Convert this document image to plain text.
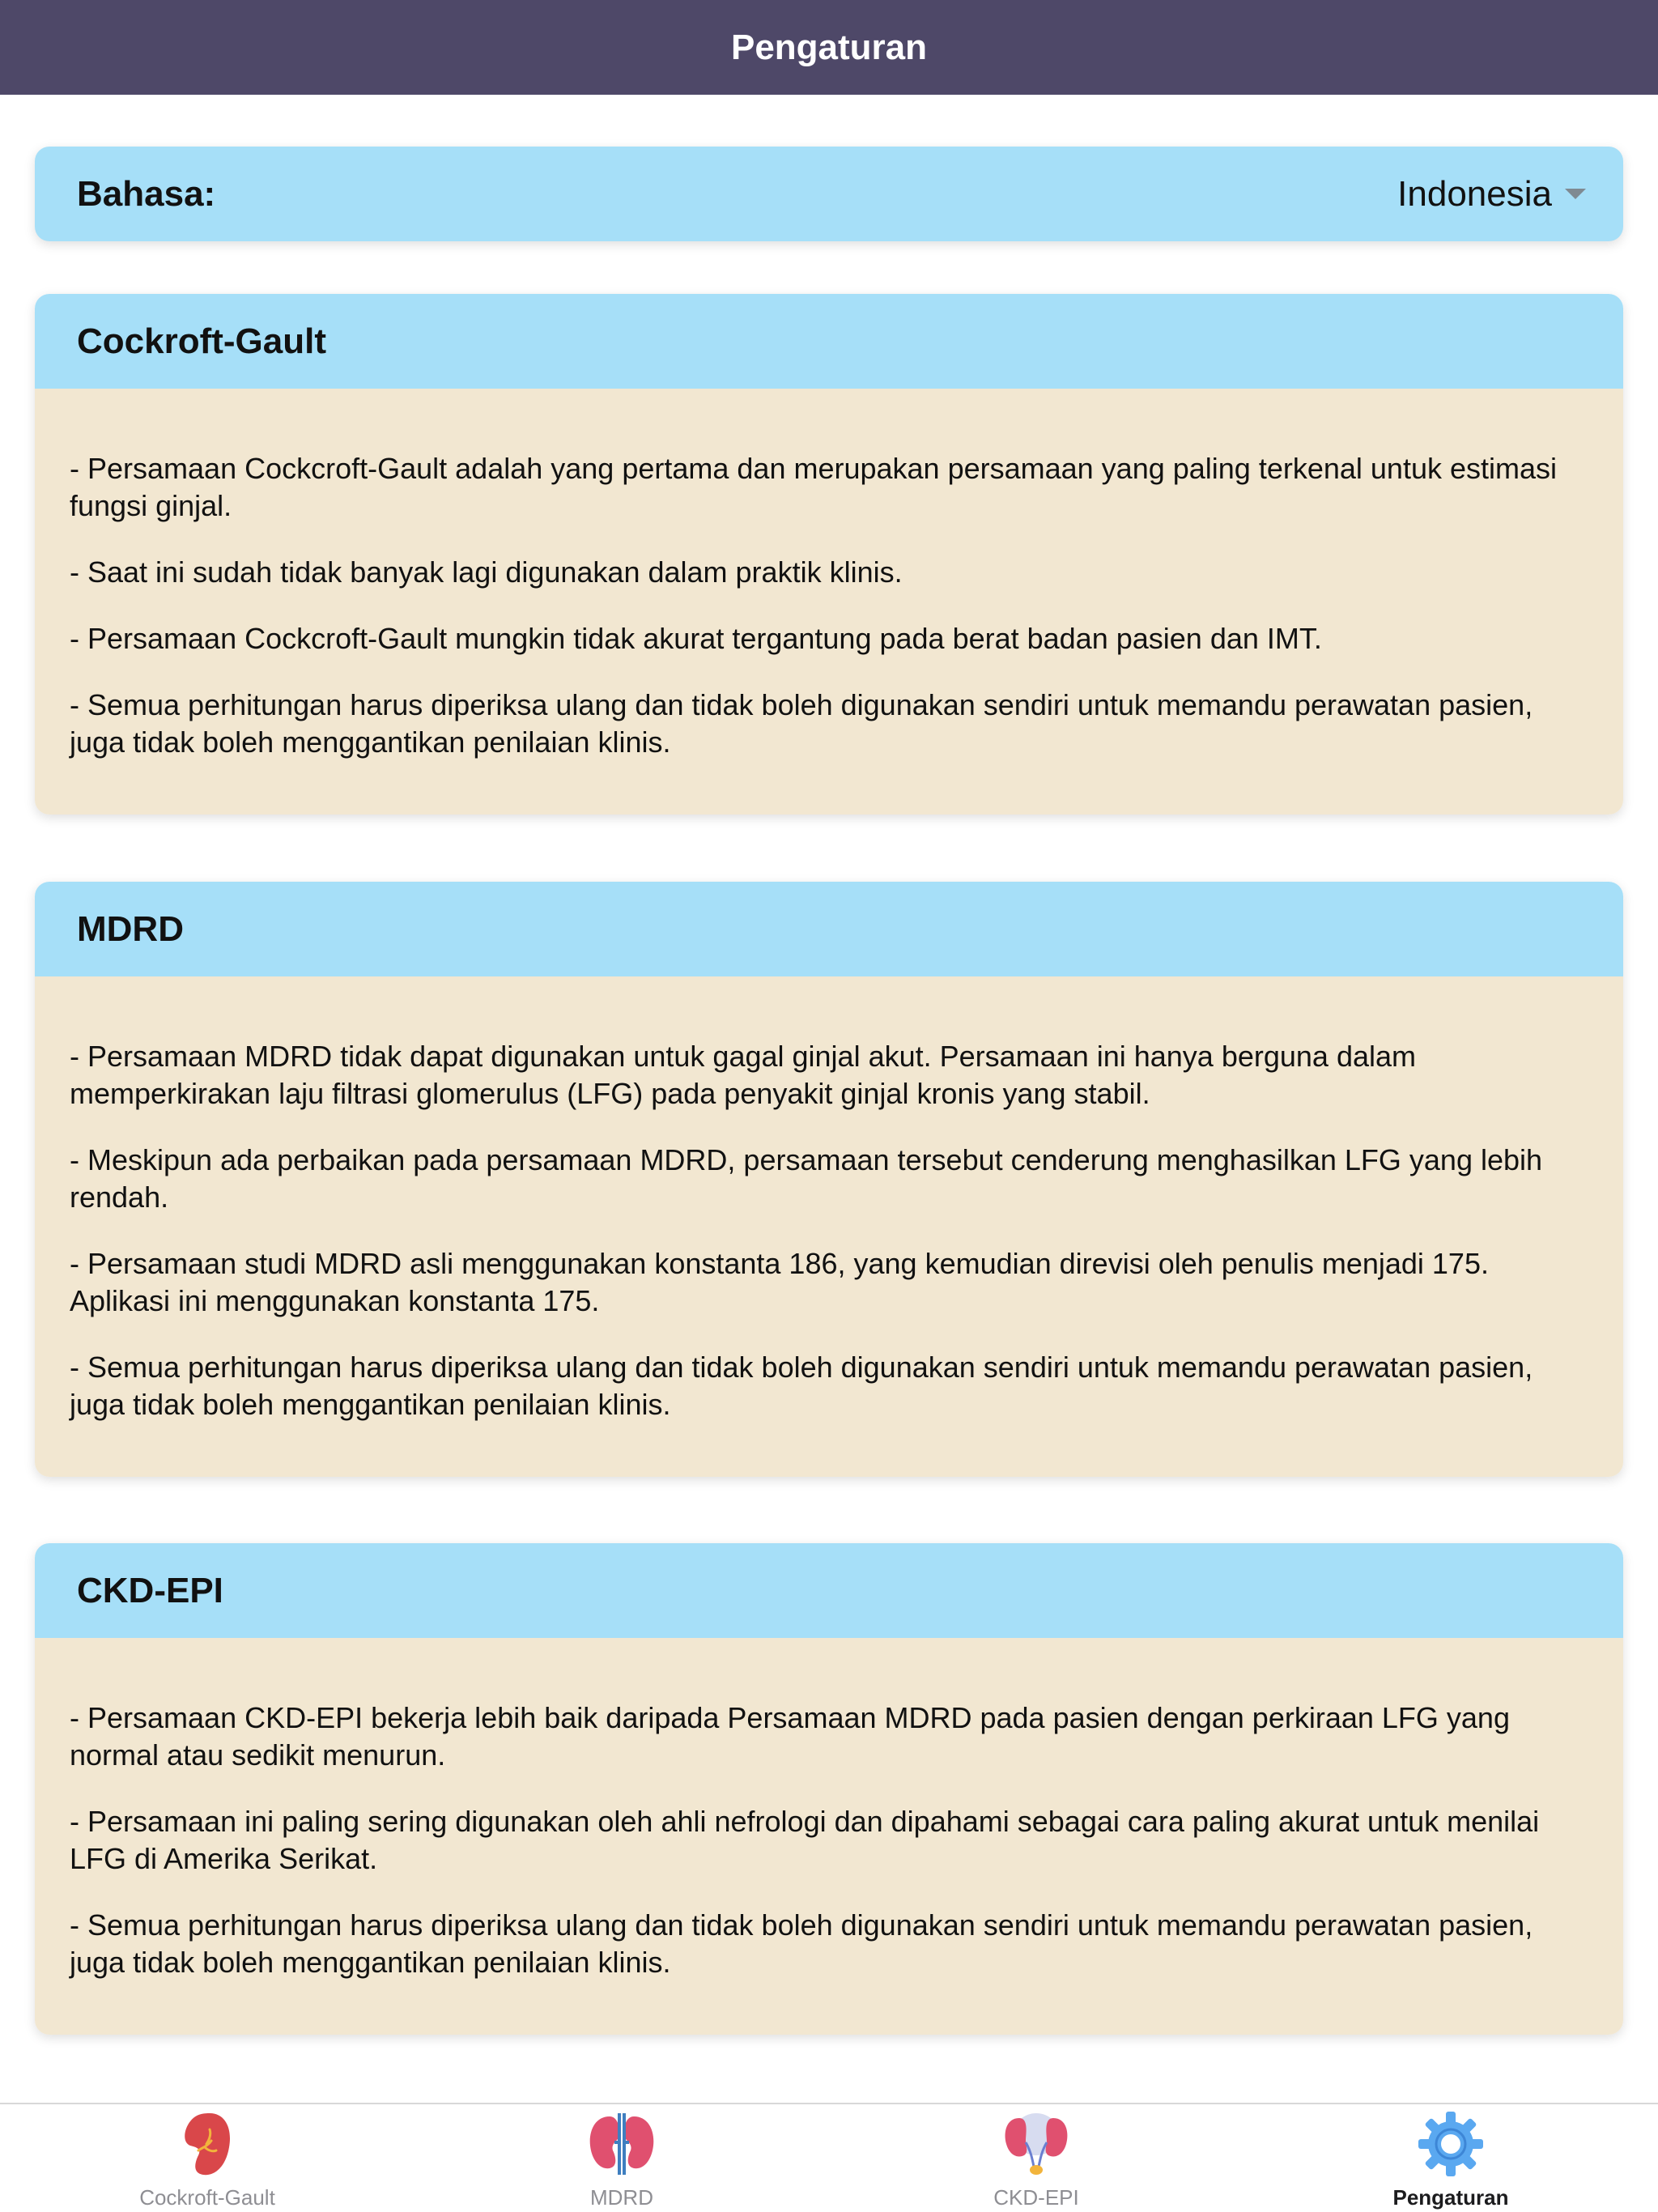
Pengaturan
Bahasa:	Indonesia
Cockroft-Gault

- Persamaan Cockcroft-Gault adalah yang pertama dan merupakan persamaan yang paling terkenal untuk estimasi fungsi ginjal.

- Saat ini sudah tidak banyak lagi digunakan dalam praktik klinis.

- Persamaan Cockcroft-Gault mungkin tidak akurat tergantung pada berat badan pasien dan IMT.

- Semua perhitungan harus diperiksa ulang dan tidak boleh digunakan sendiri untuk memandu perawatan pasien, juga tidak boleh menggantikan penilaian klinis.

MDRD

- Persamaan MDRD tidak dapat digunakan untuk gagal ginjal akut. Persamaan ini hanya berguna dalam memperkirakan laju filtrasi glomerulus (LFG) pada penyakit ginjal kronis yang stabil.

- Meskipun ada perbaikan pada persamaan MDRD, persamaan tersebut cenderung menghasilkan LFG yang lebih rendah.

- Persamaan studi MDRD asli menggunakan konstanta 186, yang kemudian direvisi oleh penulis menjadi 175. Aplikasi ini menggunakan konstanta 175.

- Semua perhitungan harus diperiksa ulang dan tidak boleh digunakan sendiri untuk memandu perawatan pasien, juga tidak boleh menggantikan penilaian klinis.

CKD-EPI

- Persamaan CKD-EPI bekerja lebih baik daripada Persamaan MDRD pada pasien dengan perkiraan LFG yang normal atau sedikit menurun.

- Persamaan ini paling sering digunakan oleh ahli nefrologi dan dipahami sebagai cara paling akurat untuk menilai LFG di Amerika Serikat.

- Semua perhitungan harus diperiksa ulang dan tidak boleh digunakan sendiri untuk memandu perawatan pasien, juga tidak boleh menggantikan penilaian klinis.

Cockroft-Gault	MDRD	CKD-EPI	Pengaturan
